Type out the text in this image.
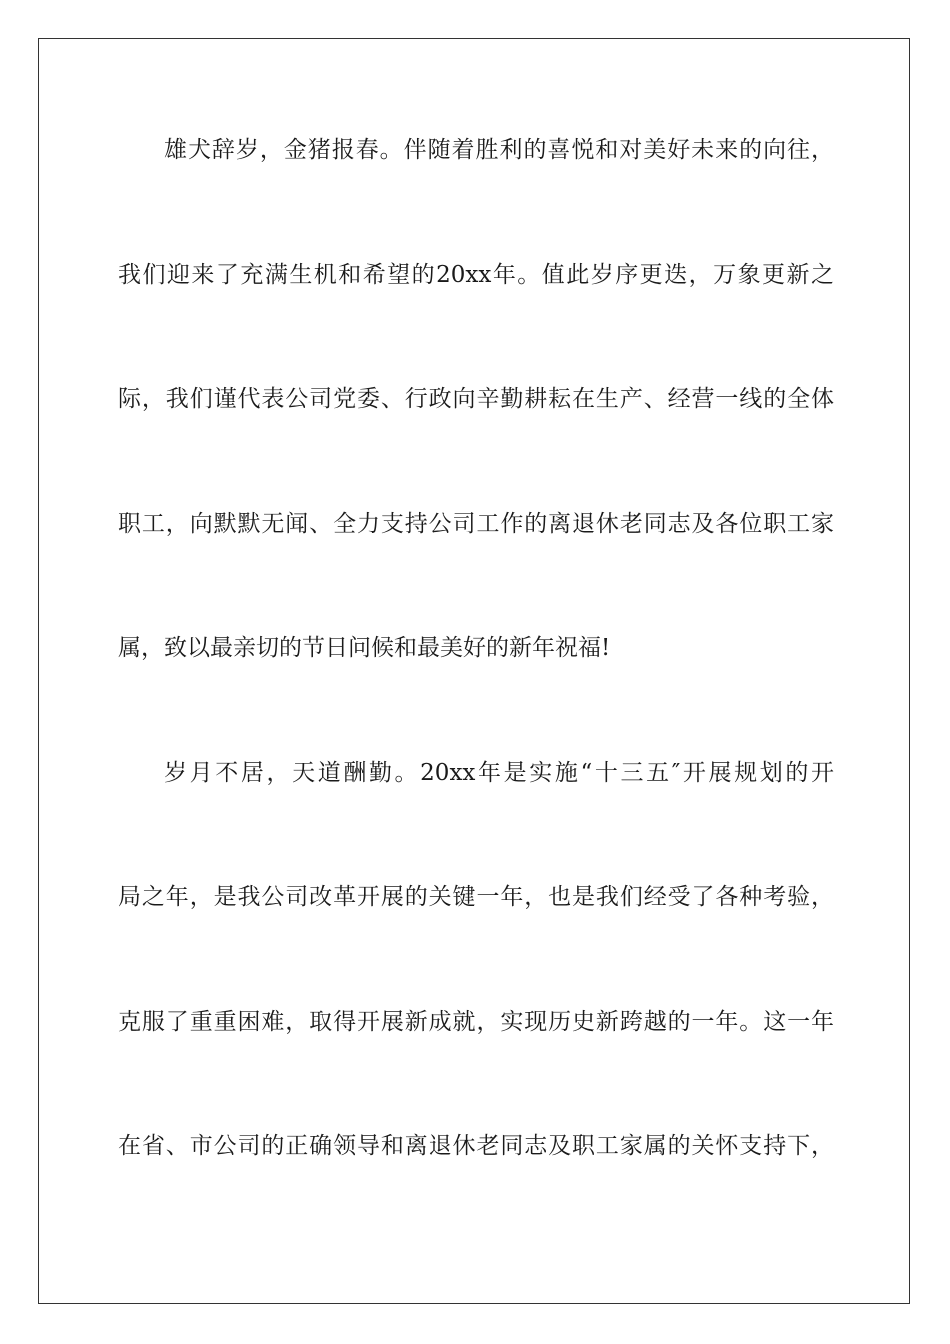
雄犬辞岁，金猪报春。伴随着胜利的喜悦和对美好未来的向往，
我们迎来了充满生机和希望的20xx年。值此岁序更迭，万象更新之
际，我们谨代表公司党委、行政向辛勤耕耘在生产、经营一线的全体
职工，向默默无闻、全力支持公司工作的离退休老同志及各位职工家
属，致以最亲切的节日问候和最美好的新年祝福!
岁月不居，天道酬勤。20xx年是实施“十三五″开展规划的开
局之年，是我公司改革开展的关键一年，也是我们经受了各种考验，
克服了重重困难，取得开展新成就，实现历史新跨越的一年。这一年
在省、市公司的正确领导和离退休老同志及职工家属的关怀支持下，
